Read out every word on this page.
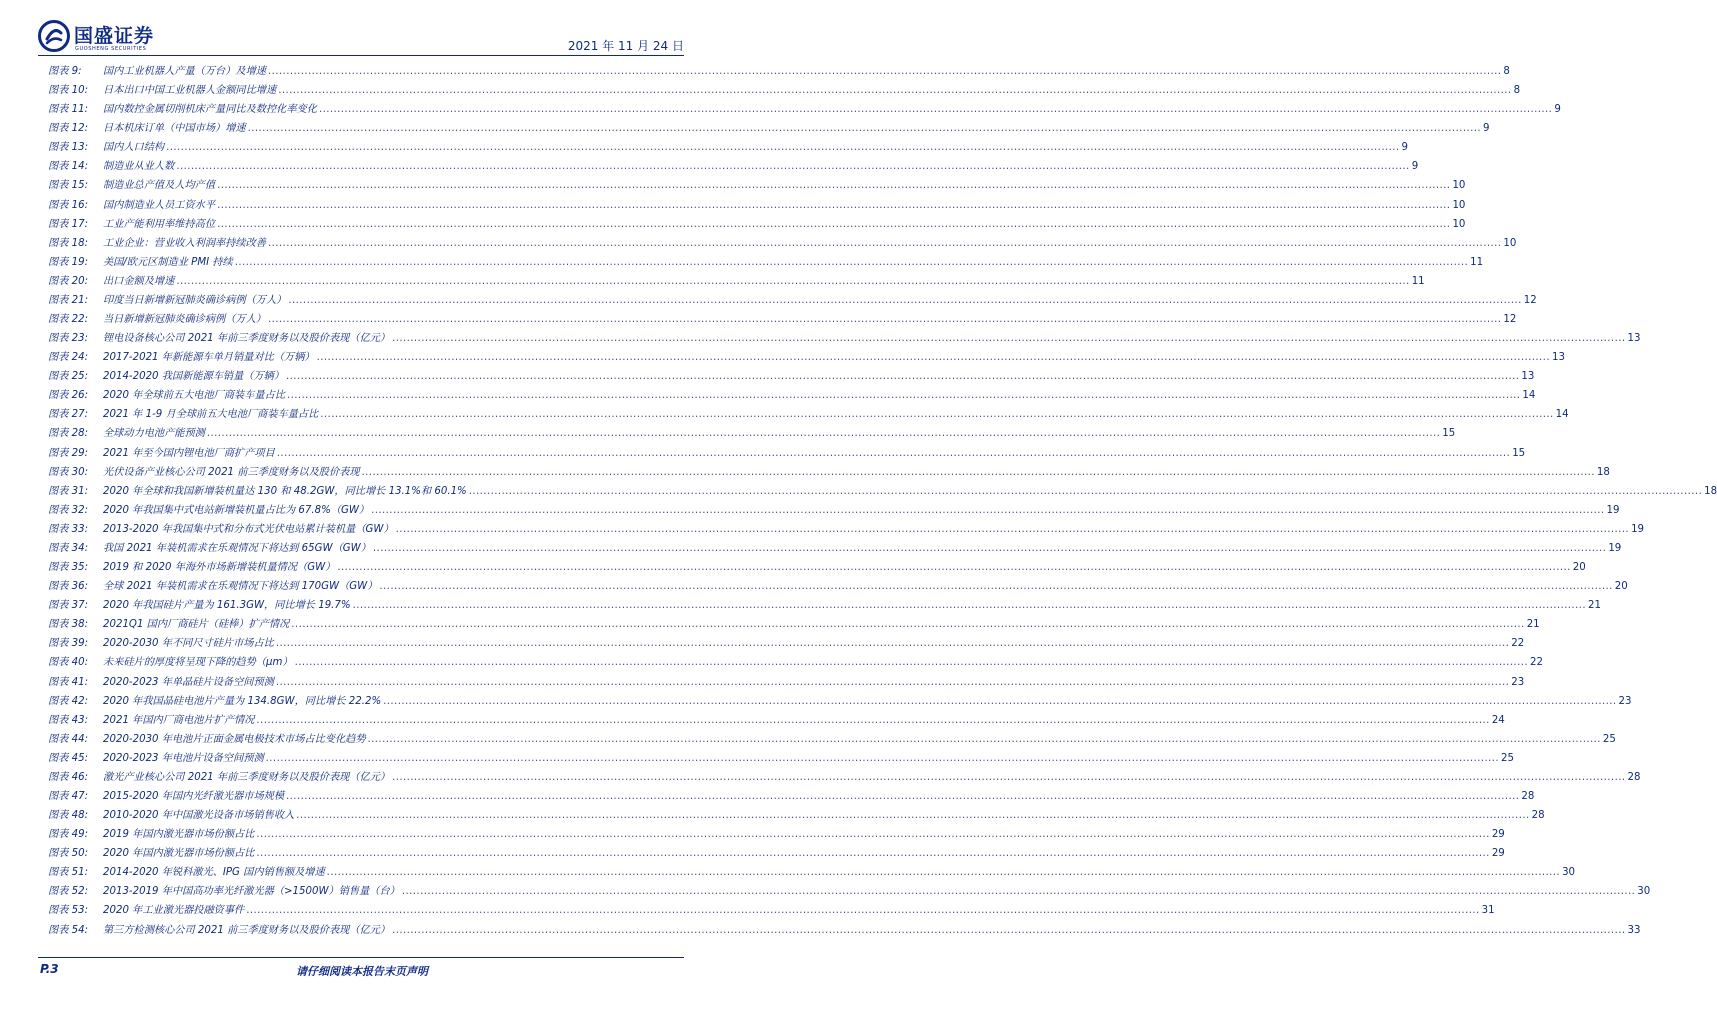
国盛证券
GUOSHENG SECURITIES	2021 年 11 月 24 日
图表 9:	国内工业机器人产量（万台）及增速 .....	8
图表 10:	日本出口中国工业机器人金额同比增速 .....	8
图表 11:	国内数控金属切削机床产量同比及数控化率变化 .....	9
图表 12:	日本机床订单（中国市场）增速 .....	9
图表 13:	国内人口结构 .....	9
图表 14:	制造业从业人数 .....	9
图表 15:	制造业总产值及人均产值 .....	10
图表 16:	国内制造业人员工资水平 .....	10
图表 17:	工业产能利用率维持高位 .....	10
图表 18:	工业企业：营业收入利润率持续改善 .....	10
图表 19:	美国/欧元区制造业 PMI 持续 .....	11
图表 20:	出口金额及增速 .....	11
图表 21:	印度当日新增新冠肺炎确诊病例（万人） .....	12
图表 22:	当日新增新冠肺炎确诊病例（万人） .....	12
图表 23:	锂电设备核心公司 2021 年前三季度财务以及股价表现（亿元） .....	13
图表 24:	2017-2021 年新能源车单月销量对比（万辆） .....	13
图表 25:	2014-2020 我国新能源车销量（万辆） .....	13
图表 26:	2020 年全球前五大电池厂商装车量占比 .....	14
图表 27:	2021 年 1-9 月全球前五大电池厂商装车量占比 .....	14
图表 28:	全球动力电池产能预测 .....	15
图表 29:	2021 年至今国内锂电池厂商扩产项目 .....	15
图表 30:	光伏设备产业核心公司 2021 前三季度财务以及股价表现 .....	18
图表 31:	2020 年全球和我国新增装机量达 130 和 48.2GW，同比增长 13.1%和 60.1% .....	18
图表 32:	2020 年我国集中式电站新增装机量占比为 67.8%（GW） .....	19
图表 33:	2013-2020 年我国集中式和分布式光伏电站累计装机量（GW） .....	19
图表 34:	我国 2021 年装机需求在乐观情况下将达到 65GW（GW） .....	19
图表 35:	2019 和 2020 年海外市场新增装机量情况（GW） .....	20
图表 36:	全球 2021 年装机需求在乐观情况下将达到 170GW（GW） .....	20
图表 37:	2020 年我国硅片产量为 161.3GW，同比增长 19.7% .....	21
图表 38:	2021Q1 国内厂商硅片（硅棒）扩产情况 .....	21
图表 39:	2020-2030 年不同尺寸硅片市场占比 .....	22
图表 40:	未来硅片的厚度将呈现下降的趋势（μm） .....	22
图表 41:	2020-2023 年单晶硅片设备空间预测 .....	23
图表 42:	2020 年我国晶硅电池片产量为 134.8GW，同比增长 22.2% .....	23
图表 43:	2021 年国内厂商电池片扩产情况 .....	24
图表 44:	2020-2030 年电池片正面金属电极技术市场占比变化趋势 .....	25
图表 45:	2020-2023 年电池片设备空间预测 .....	25
图表 46:	激光产业核心公司 2021 年前三季度财务以及股价表现（亿元） .....	28
图表 47:	2015-2020 年国内光纤激光器市场规模 .....	28
图表 48:	2010-2020 年中国激光设备市场销售收入 .....	28
图表 49:	2019 年国内激光器市场份额占比 .....	29
图表 50:	2020 年国内激光器市场份额占比 .....	29
图表 51:	2014-2020 年锐科激光、IPG 国内销售额及增速 .....	30
图表 52:	2013-2019 年中国高功率光纤激光器（>1500W）销售量（台） .....	30
图表 53:	2020 年工业激光器投融资事件 .....	31
图表 54:	第三方检测核心公司 2021 前三季度财务以及股价表现（亿元） .....	33
P.3	请仔细阅读本报告末页声明
